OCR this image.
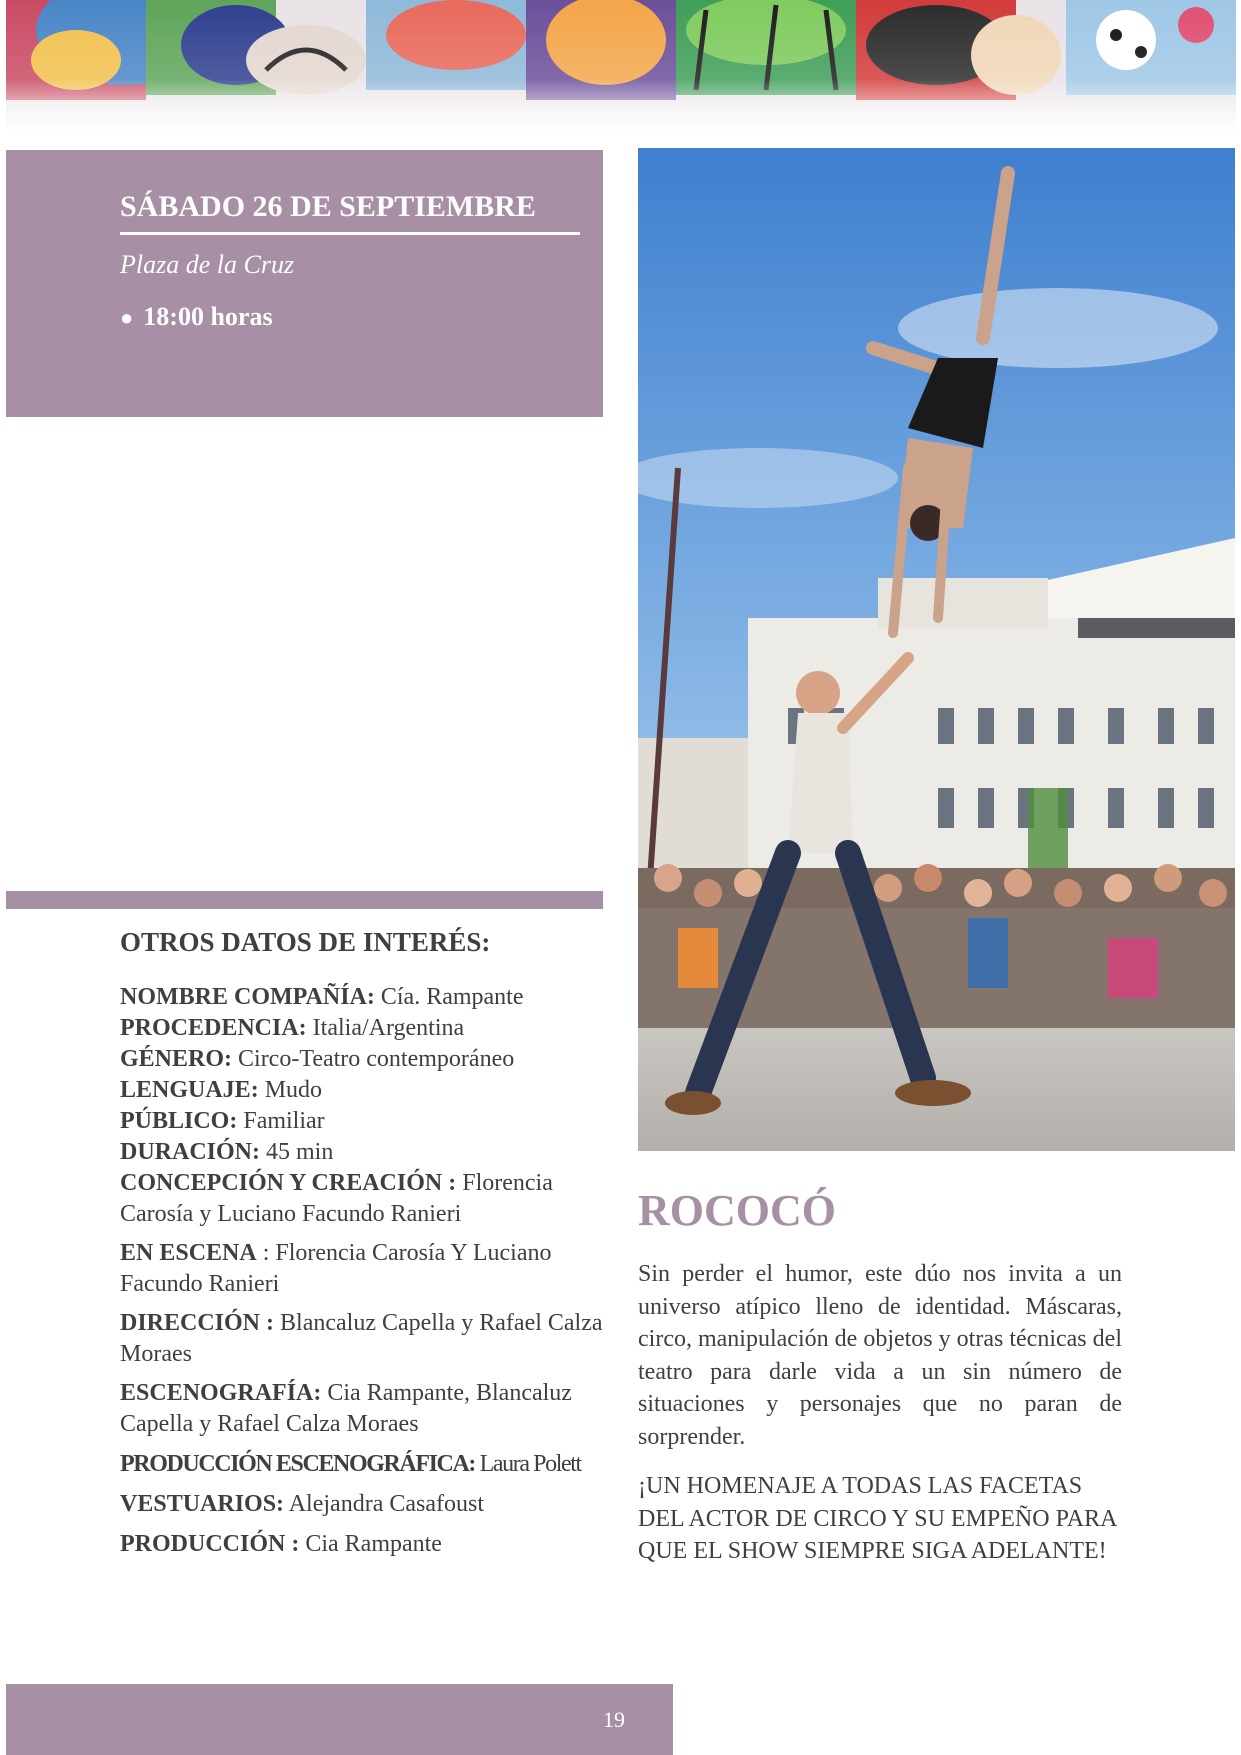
SÁBADO 26 DE SEPTIEMBRE
Plaza de la Cruz
● 18:00 horas
OTROS DATOS DE INTERÉS:

NOMBRE COMPAÑÍA: Cía. Rampante

PROCEDENCIA: Italia/Argentina

GÉNERO: Circo-Teatro contemporáneo

LENGUAJE: Mudo

PÚBLICO: Familiar

DURACIÓN: 45 min

CONCEPCIÓN Y CREACIÓN : Florencia Carosía y Luciano Facundo Ranieri

EN ESCENA : Florencia Carosía Y Luciano Facundo Ranieri

DIRECCIÓN : Blancaluz Capella y Rafael Calza Moraes

ESCENOGRAFÍA: Cia Rampante, Blancaluz Capella y Rafael Calza Moraes

PRODUCCIÓN ESCENOGRÁFICA: Laura Polett

VESTUARIOS: Alejandra Casafoust

PRODUCCIÓN : Cia Rampante

ROCOCÓ

Sin perder el humor, este dúo nos invita a un universo atípico lleno de identidad. Máscaras, circo, manipulación de objetos y otras técnicas del teatro para darle vida a un sin número de situaciones y personajes que no paran de sorprender.

¡UN HOMENAJE A TODAS LAS FACETAS DEL ACTOR DE CIRCO Y SU EMPEÑO PARA QUE EL SHOW SIEMPRE SIGA ADELANTE!

19
